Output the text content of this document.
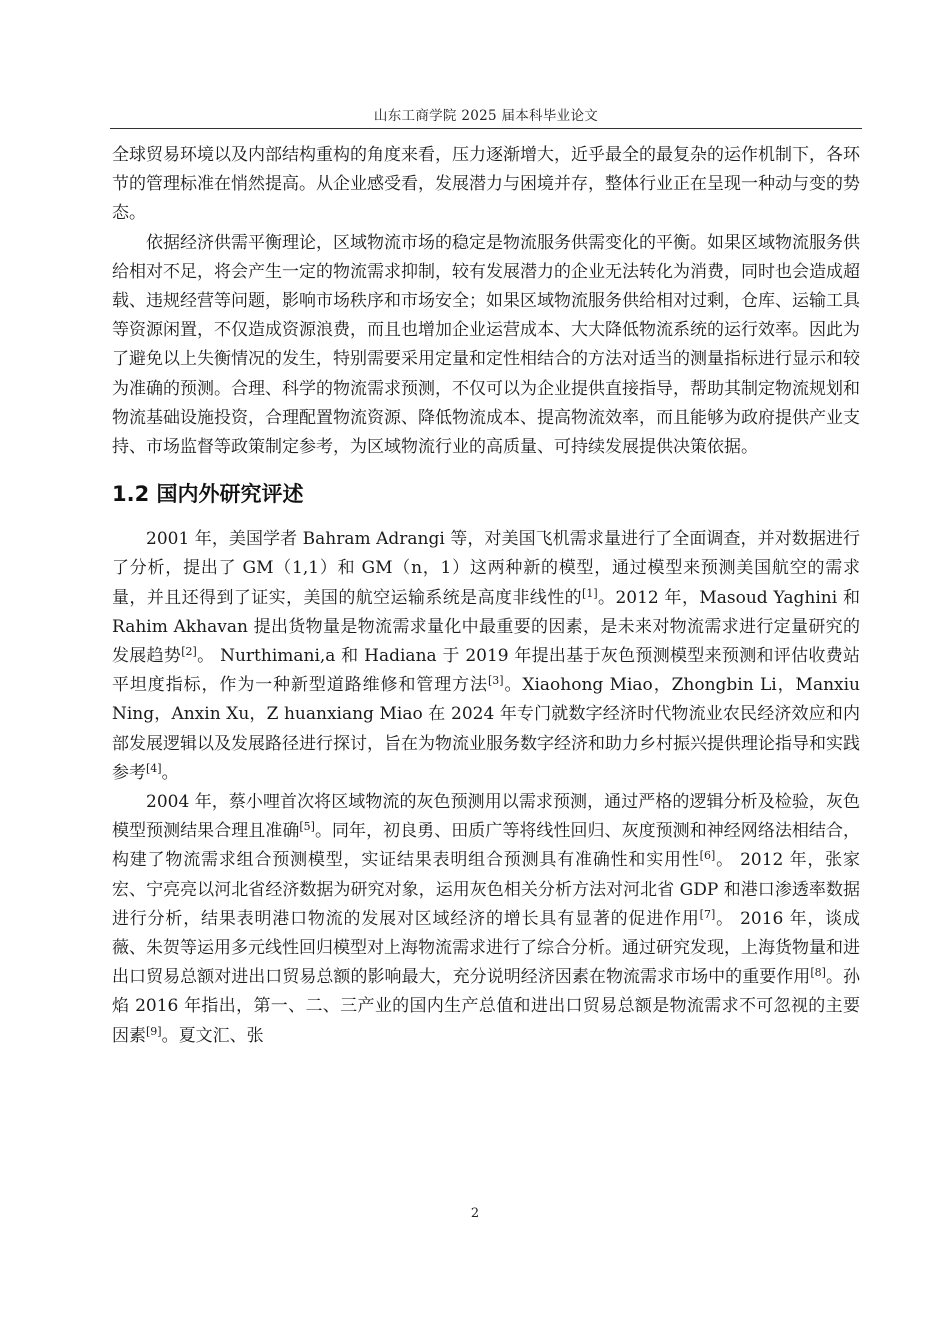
山东工商学院 2025 届本科毕业论文

全球贸易环境以及内部结构重构的角度来看，压力逐渐增大，近乎最全的最复杂的运作机制下，各环节的管理标准在悄然提高。从企业感受看，发展潜力与困境并存，整体行业正在呈现一种动与变的势态。

依据经济供需平衡理论，区域物流市场的稳定是物流服务供需变化的平衡。如果区域物流服务供给相对不足，将会产生一定的物流需求抑制，较有发展潜力的企业无法转化为消费，同时也会造成超载、违规经营等问题，影响市场秩序和市场安全；如果区域物流服务供给相对过剩，仓库、运输工具等资源闲置，不仅造成资源浪费，而且也增加企业运营成本、大大降低物流系统的运行效率。因此为了避免以上失衡情况的发生，特别需要采用定量和定性相结合的方法对适当的测量指标进行显示和较为准确的预测。合理、科学的物流需求预测，不仅可以为企业提供直接指导，帮助其制定物流规划和物流基础设施投资，合理配置物流资源、降低物流成本、提高物流效率，而且能够为政府提供产业支持、市场监督等政策制定参考，为区域物流行业的高质量、可持续发展提供决策依据。

1.2 国内外研究评述

2001 年，美国学者 Bahram Adrangi 等，对美国飞机需求量进行了全面调查，并对数据进行了分析，提出了 GM（1,1）和 GM（n，1）这两种新的模型，通过模型来预测美国航空的需求量，并且还得到了证实，美国的航空运输系统是高度非线性的[1]。2012 年，Masoud Yaghini 和 Rahim Akhavan 提出货物量是物流需求量化中最重要的因素，是未来对物流需求进行定量研究的发展趋势[2]。 Nurthimani,a 和 Hadiana 于 2019 年提出基于灰色预测模型来预测和评估收费站平坦度指标，作为一种新型道路维修和管理方法[3]。Xiaohong Miao，Zhongbin Li，Manxiu Ning，Anxin Xu，Z huanxiang Miao 在 2024 年专门就数字经济时代物流业农民经济效应和内部发展逻辑以及发展路径进行探讨，旨在为物流业服务数字经济和助力乡村振兴提供理论指导和实践参考[4]。

2004 年，蔡小哩首次将区域物流的灰色预测用以需求预测，通过严格的逻辑分析及检验，灰色模型预测结果合理且准确[5]。同年，初良勇、田质广等将线性回归、灰度预测和神经网络法相结合，构建了物流需求组合预测模型，实证结果表明组合预测具有准确性和实用性[6]。 2012 年，张家宏、宁亮亮以河北省经济数据为研究对象，运用灰色相关分析方法对河北省 GDP 和港口渗透率数据进行分析，结果表明港口物流的发展对区域经济的增长具有显著的促进作用[7]。 2016 年，谈成薇、朱贺等运用多元线性回归模型对上海物流需求进行了综合分析。通过研究发现，上海货物量和进出口贸易总额对进出口贸易总额的影响最大，充分说明经济因素在物流需求市场中的重要作用[8]。孙焰 2016 年指出，第一、二、三产业的国内生产总值和进出口贸易总额是物流需求不可忽视的主要因素[9]。夏文汇、张

2
